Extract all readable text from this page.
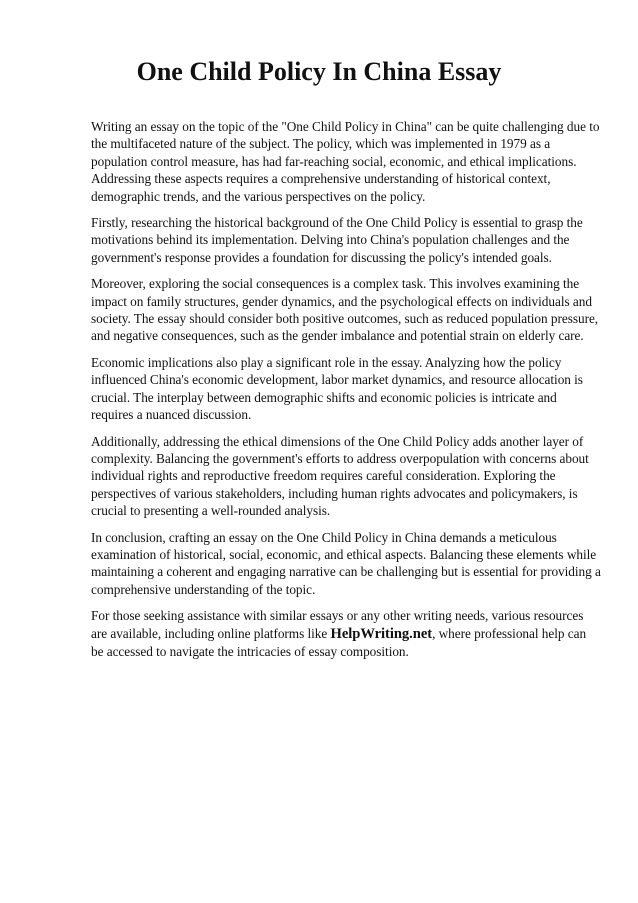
One Child Policy In China Essay

Writing an essay on the topic of the "One Child Policy in China" can be quite challenging due to the multifaceted nature of the subject. The policy, which was implemented in 1979 as a population control measure, has had far-reaching social, economic, and ethical implications. Addressing these aspects requires a comprehensive understanding of historical context, demographic trends, and the various perspectives on the policy.

Firstly, researching the historical background of the One Child Policy is essential to grasp the motivations behind its implementation. Delving into China's population challenges and the government's response provides a foundation for discussing the policy's intended goals.

Moreover, exploring the social consequences is a complex task. This involves examining the impact on family structures, gender dynamics, and the psychological effects on individuals and society. The essay should consider both positive outcomes, such as reduced population pressure, and negative consequences, such as the gender imbalance and potential strain on elderly care.

Economic implications also play a significant role in the essay. Analyzing how the policy influenced China's economic development, labor market dynamics, and resource allocation is crucial. The interplay between demographic shifts and economic policies is intricate and requires a nuanced discussion.

Additionally, addressing the ethical dimensions of the One Child Policy adds another layer of complexity. Balancing the government's efforts to address overpopulation with concerns about individual rights and reproductive freedom requires careful consideration. Exploring the perspectives of various stakeholders, including human rights advocates and policymakers, is crucial to presenting a well-rounded analysis.

In conclusion, crafting an essay on the One Child Policy in China demands a meticulous examination of historical, social, economic, and ethical aspects. Balancing these elements while maintaining a coherent and engaging narrative can be challenging but is essential for providing a comprehensive understanding of the topic.

For those seeking assistance with similar essays or any other writing needs, various resources are available, including online platforms like HelpWriting.net, where professional help can be accessed to navigate the intricacies of essay composition.
